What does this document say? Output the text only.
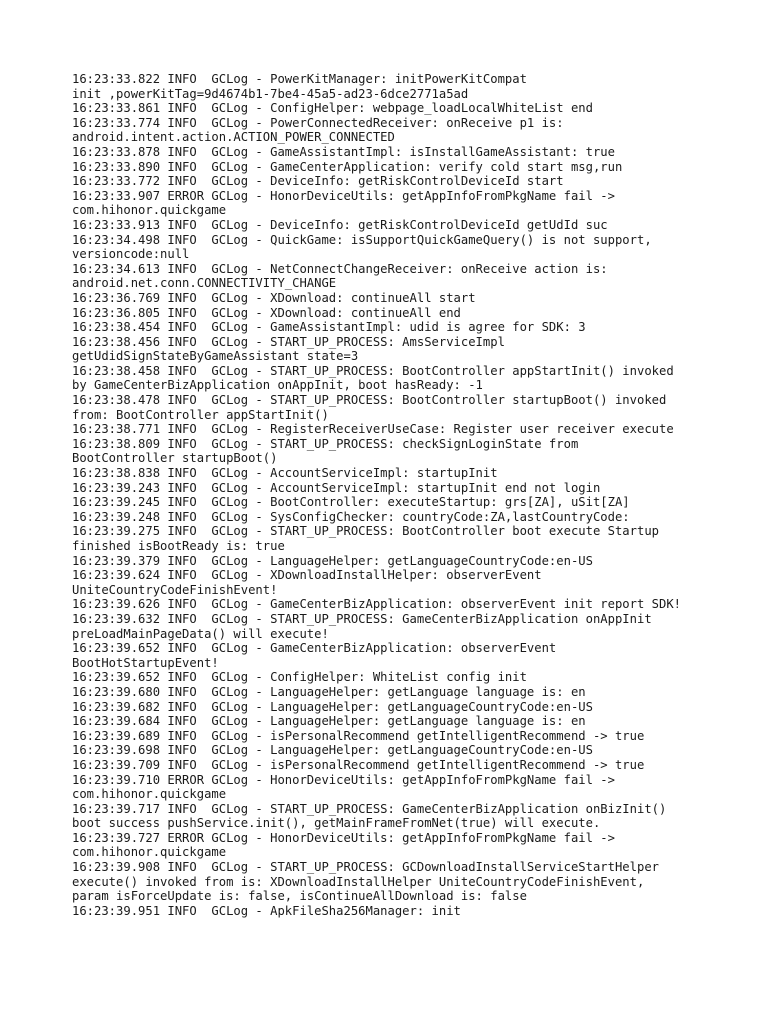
16:23:33.822 INFO  GCLog - PowerKitManager: initPowerKitCompat
init ,powerKitTag=9d4674b1-7be4-45a5-ad23-6dce2771a5ad
16:23:33.861 INFO  GCLog - ConfigHelper: webpage_loadLocalWhiteList end
16:23:33.774 INFO  GCLog - PowerConnectedReceiver: onReceive p1 is:
android.intent.action.ACTION_POWER_CONNECTED
16:23:33.878 INFO  GCLog - GameAssistantImpl: isInstallGameAssistant: true
16:23:33.890 INFO  GCLog - GameCenterApplication: verify cold start msg,run
16:23:33.772 INFO  GCLog - DeviceInfo: getRiskControlDeviceId start
16:23:33.907 ERROR GCLog - HonorDeviceUtils: getAppInfoFromPkgName fail ->
com.hihonor.quickgame
16:23:33.913 INFO  GCLog - DeviceInfo: getRiskControlDeviceId getUdId suc
16:23:34.498 INFO  GCLog - QuickGame: isSupportQuickGameQuery() is not support,
versioncode:null
16:23:34.613 INFO  GCLog - NetConnectChangeReceiver: onReceive action is:
android.net.conn.CONNECTIVITY_CHANGE
16:23:36.769 INFO  GCLog - XDownload: continueAll start
16:23:36.805 INFO  GCLog - XDownload: continueAll end
16:23:38.454 INFO  GCLog - GameAssistantImpl: udid is agree for SDK: 3
16:23:38.456 INFO  GCLog - START_UP_PROCESS: AmsServiceImpl
getUdidSignStateByGameAssistant state=3
16:23:38.458 INFO  GCLog - START_UP_PROCESS: BootController appStartInit() invoked
by GameCenterBizApplication onAppInit, boot hasReady: -1
16:23:38.478 INFO  GCLog - START_UP_PROCESS: BootController startupBoot() invoked
from: BootController appStartInit()
16:23:38.771 INFO  GCLog - RegisterReceiverUseCase: Register user receiver execute
16:23:38.809 INFO  GCLog - START_UP_PROCESS: checkSignLoginState from
BootController startupBoot()
16:23:38.838 INFO  GCLog - AccountServiceImpl: startupInit
16:23:39.243 INFO  GCLog - AccountServiceImpl: startupInit end not login
16:23:39.245 INFO  GCLog - BootController: executeStartup: grs[ZA], uSit[ZA]
16:23:39.248 INFO  GCLog - SysConfigChecker: countryCode:ZA,lastCountryCode:
16:23:39.275 INFO  GCLog - START_UP_PROCESS: BootController boot execute Startup
finished isBootReady is: true
16:23:39.379 INFO  GCLog - LanguageHelper: getLanguageCountryCode:en-US
16:23:39.624 INFO  GCLog - XDownloadInstallHelper: observerEvent
UniteCountryCodeFinishEvent!
16:23:39.626 INFO  GCLog - GameCenterBizApplication: observerEvent init report SDK!
16:23:39.632 INFO  GCLog - START_UP_PROCESS: GameCenterBizApplication onAppInit
preLoadMainPageData() will execute!
16:23:39.652 INFO  GCLog - GameCenterBizApplication: observerEvent
BootHotStartupEvent!
16:23:39.652 INFO  GCLog - ConfigHelper: WhiteList config init
16:23:39.680 INFO  GCLog - LanguageHelper: getLanguage language is: en
16:23:39.682 INFO  GCLog - LanguageHelper: getLanguageCountryCode:en-US
16:23:39.684 INFO  GCLog - LanguageHelper: getLanguage language is: en
16:23:39.689 INFO  GCLog - isPersonalRecommend getIntelligentRecommend -> true
16:23:39.698 INFO  GCLog - LanguageHelper: getLanguageCountryCode:en-US
16:23:39.709 INFO  GCLog - isPersonalRecommend getIntelligentRecommend -> true
16:23:39.710 ERROR GCLog - HonorDeviceUtils: getAppInfoFromPkgName fail ->
com.hihonor.quickgame
16:23:39.717 INFO  GCLog - START_UP_PROCESS: GameCenterBizApplication onBizInit()
boot success pushService.init(), getMainFrameFromNet(true) will execute.
16:23:39.727 ERROR GCLog - HonorDeviceUtils: getAppInfoFromPkgName fail ->
com.hihonor.quickgame
16:23:39.908 INFO  GCLog - START_UP_PROCESS: GCDownloadInstallServiceStartHelper
execute() invoked from is: XDownloadInstallHelper UniteCountryCodeFinishEvent,
param isForceUpdate is: false, isContinueAllDownload is: false
16:23:39.951 INFO  GCLog - ApkFileSha256Manager: init
